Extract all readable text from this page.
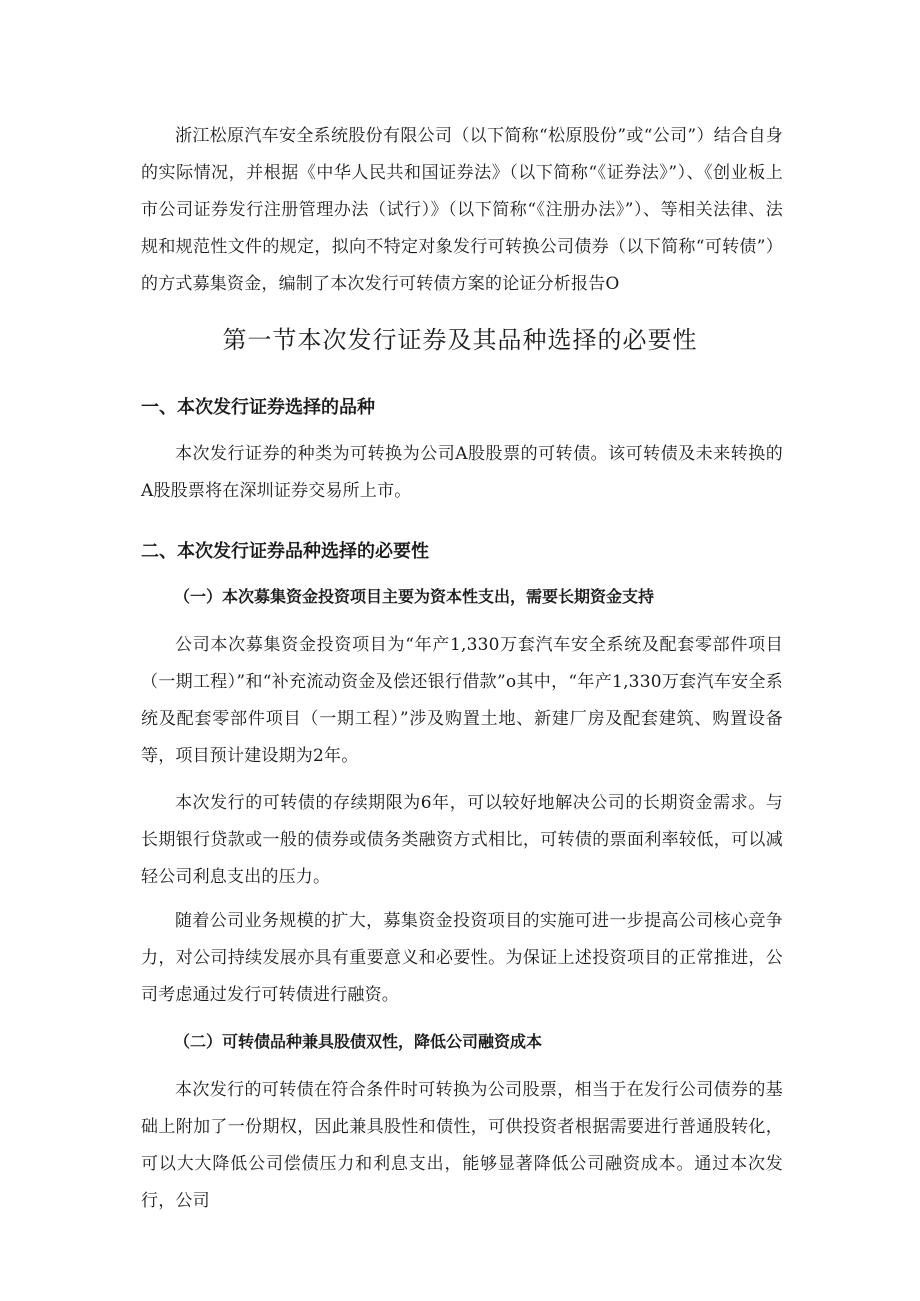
浙江松原汽车安全系统股份有限公司（以下简称“松原股份”或“公司”）结合自身的实际情况，并根据《中华人民共和国证券法》（以下简称“《证券法》”）、《创业板上市公司证券发行注册管理办法（试行）》（以下简称“《注册办法》”）、等相关法律、法规和规范性文件的规定，拟向不特定对象发行可转换公司债券（以下简称“可转债”）的方式募集资金，编制了本次发行可转债方案的论证分析报告O

第一节本次发行证券及其品种选择的必要性
一、本次发行证券选择的品种

本次发行证券的种类为可转换为公司A股股票的可转债。该可转债及未来转换的A股股票将在深圳证券交易所上市。

二、本次发行证券品种选择的必要性
（一）本次募集资金投资项目主要为资本性支出，需要长期资金支持

公司本次募集资金投资项目为“年产1,330万套汽车安全系统及配套零部件项目（一期工程）”和“补充流动资金及偿还银行借款”o其中，“年产1,330万套汽车安全系统及配套零部件项目（一期工程）”涉及购置土地、新建厂房及配套建筑、购置设备等，项目预计建设期为2年。

本次发行的可转债的存续期限为6年，可以较好地解决公司的长期资金需求。与长期银行贷款或一般的债券或债务类融资方式相比，可转债的票面利率较低，可以减轻公司利息支出的压力。

随着公司业务规模的扩大，募集资金投资项目的实施可进一步提高公司核心竞争力，对公司持续发展亦具有重要意义和必要性。为保证上述投资项目的正常推进，公司考虑通过发行可转债进行融资。

（二）可转债品种兼具股债双性，降低公司融资成本

本次发行的可转债在符合条件时可转换为公司股票，相当于在发行公司债券的基础上附加了一份期权，因此兼具股性和债性，可供投资者根据需要进行普通股转化，可以大大降低公司偿债压力和利息支出，能够显著降低公司融资成本。通过本次发行，公司
